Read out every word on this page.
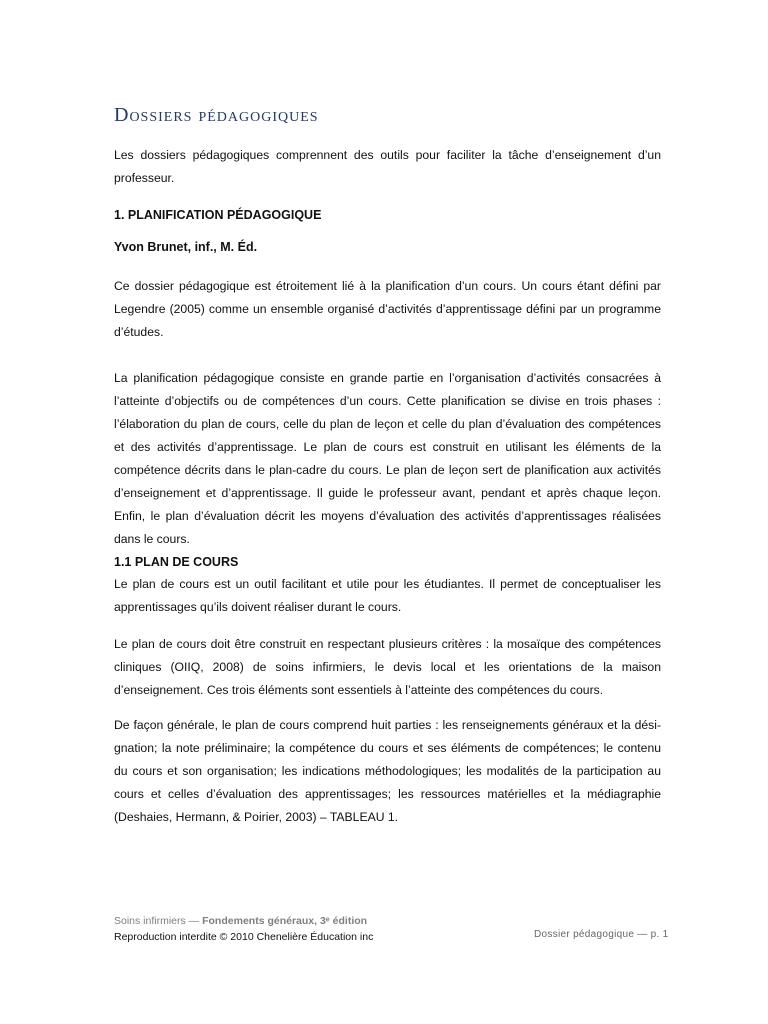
Dossiers pédagogiques

Les dossiers pédagogiques comprennent des outils pour faciliter la tâche d’enseignement d’un professeur.

1. PLANIFICATION PÉDAGOGIQUE
Yvon Brunet, inf., M. Éd.

Ce dossier pédagogique est étroitement lié à la planification d’un cours. Un cours étant défini par Legendre (2005) comme un ensemble organisé d’activités d’apprentissage défini par un programme d’études.

La planification pédagogique consiste en grande partie en l’organisation d’activités consacrées à l’atteinte d’objectifs ou de compétences d’un cours. Cette planification se divise en trois phases : l’élaboration du plan de cours, celle du plan de leçon et celle du plan d’évaluation des compétences et des activités d’apprentissage. Le plan de cours est construit en utilisant les éléments de la compétence décrits dans le plan-cadre du cours. Le plan de leçon sert de planification aux activités d’enseignement et d’apprentissage. Il guide le professeur avant, pendant et après chaque leçon. Enfin, le plan d’évaluation décrit les moyens d’évaluation des activités d’apprentissages réalisées dans le cours.

1.1 PLAN DE COURS

Le plan de cours est un outil facilitant et utile pour les étudiantes. Il permet de conceptualiser les apprentissages qu’ils doivent réaliser durant le cours.

Le plan de cours doit être construit en respectant plusieurs critères : la mosaïque des compétences cliniques (OIIQ, 2008) de soins infirmiers, le devis local et les orientations de la maison d’enseignement. Ces trois éléments sont essentiels à l’atteinte des compétences du cours.

De façon générale, le plan de cours comprend huit parties : les renseignements généraux et la désignation; la note préliminaire; la compétence du cours et ses éléments de compétences; le contenu du cours et son organisation; les indications méthodologiques; les modalités de la participation au cours et celles d’évaluation des apprentissages; les ressources matérielles et la médiagraphie (Deshaies, Hermann, & Poirier, 2003) – TABLEAU 1.

Soins infirmiers — Fondements généraux, 3ᵉ édition
Reproduction interdite © 2010 Chenelière Éducation inc	Dossier pédagogique — p. 1
